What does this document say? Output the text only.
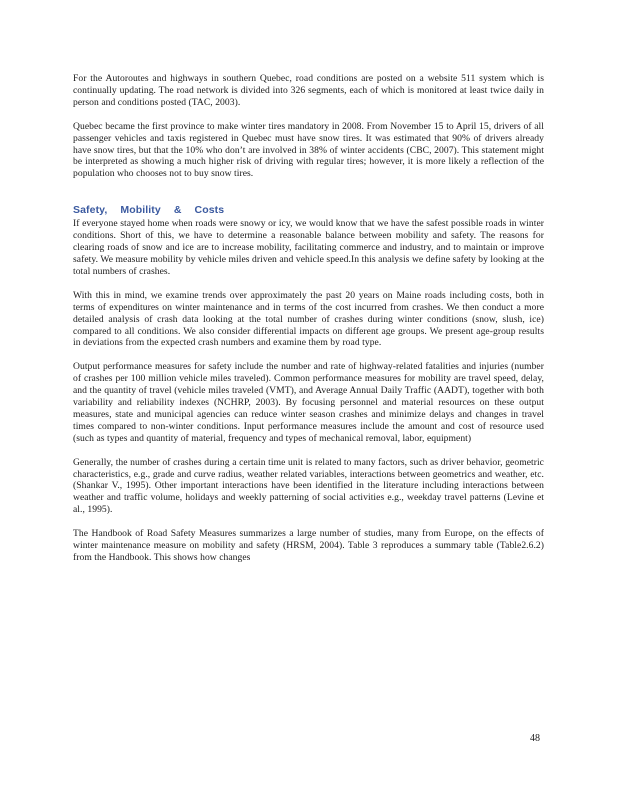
For the Autoroutes and highways in southern Quebec, road conditions are posted on a website 511 system which is continually updating. The road network is divided into 326 segments, each of which is monitored at least twice daily in person and conditions posted (TAC, 2003).

Quebec became the first province to make winter tires mandatory in 2008. From November 15 to April 15, drivers of all passenger vehicles and taxis registered in Quebec must have snow tires. It was estimated that 90% of drivers already have snow tires, but that the 10% who don’t are involved in 38% of winter accidents (CBC, 2007). This statement might be interpreted as showing a much higher risk of driving with regular tires; however, it is more likely a reflection of the population who chooses not to buy snow tires.

Safety, Mobility & Costs

If everyone stayed home when roads were snowy or icy, we would know that we have the safest possible roads in winter conditions. Short of this, we have to determine a reasonable balance between mobility and safety. The reasons for clearing roads of snow and ice are to increase mobility, facilitating commerce and industry, and to maintain or improve safety. We measure mobility by vehicle miles driven and vehicle speed.In this analysis we define safety by looking at the total numbers of crashes.

With this in mind, we examine trends over approximately the past 20 years on Maine roads including costs, both in terms of expenditures on winter maintenance and in terms of the cost incurred from crashes. We then conduct a more detailed analysis of crash data looking at the total number of crashes during winter conditions (snow, slush, ice) compared to all conditions. We also consider differential impacts on different age groups. We present age-group results in deviations from the expected crash numbers and examine them by road type.

Output performance measures for safety include the number and rate of highway-related fatalities and injuries (number of crashes per 100 million vehicle miles traveled). Common performance measures for mobility are travel speed, delay, and the quantity of travel (vehicle miles traveled (VMT), and Average Annual Daily Traffic (AADT), together with both variability and reliability indexes (NCHRP, 2003). By focusing personnel and material resources on these output measures, state and municipal agencies can reduce winter season crashes and minimize delays and changes in travel times compared to non-winter conditions. Input performance measures include the amount and cost of resource used (such as types and quantity of material, frequency and types of mechanical removal, labor, equipment)

Generally, the number of crashes during a certain time unit is related to many factors, such as driver behavior, geometric characteristics, e.g., grade and curve radius, weather related variables, interactions between geometrics and weather, etc. (Shankar V., 1995). Other important interactions have been identified in the literature including interactions between weather and traffic volume, holidays and weekly patterning of social activities e.g., weekday travel patterns (Levine et al., 1995).

The Handbook of Road Safety Measures summarizes a large number of studies, many from Europe, on the effects of winter maintenance measure on mobility and safety (HRSM, 2004). Table 3 reproduces a summary table (Table2.6.2) from the Handbook. This shows how changes

48
